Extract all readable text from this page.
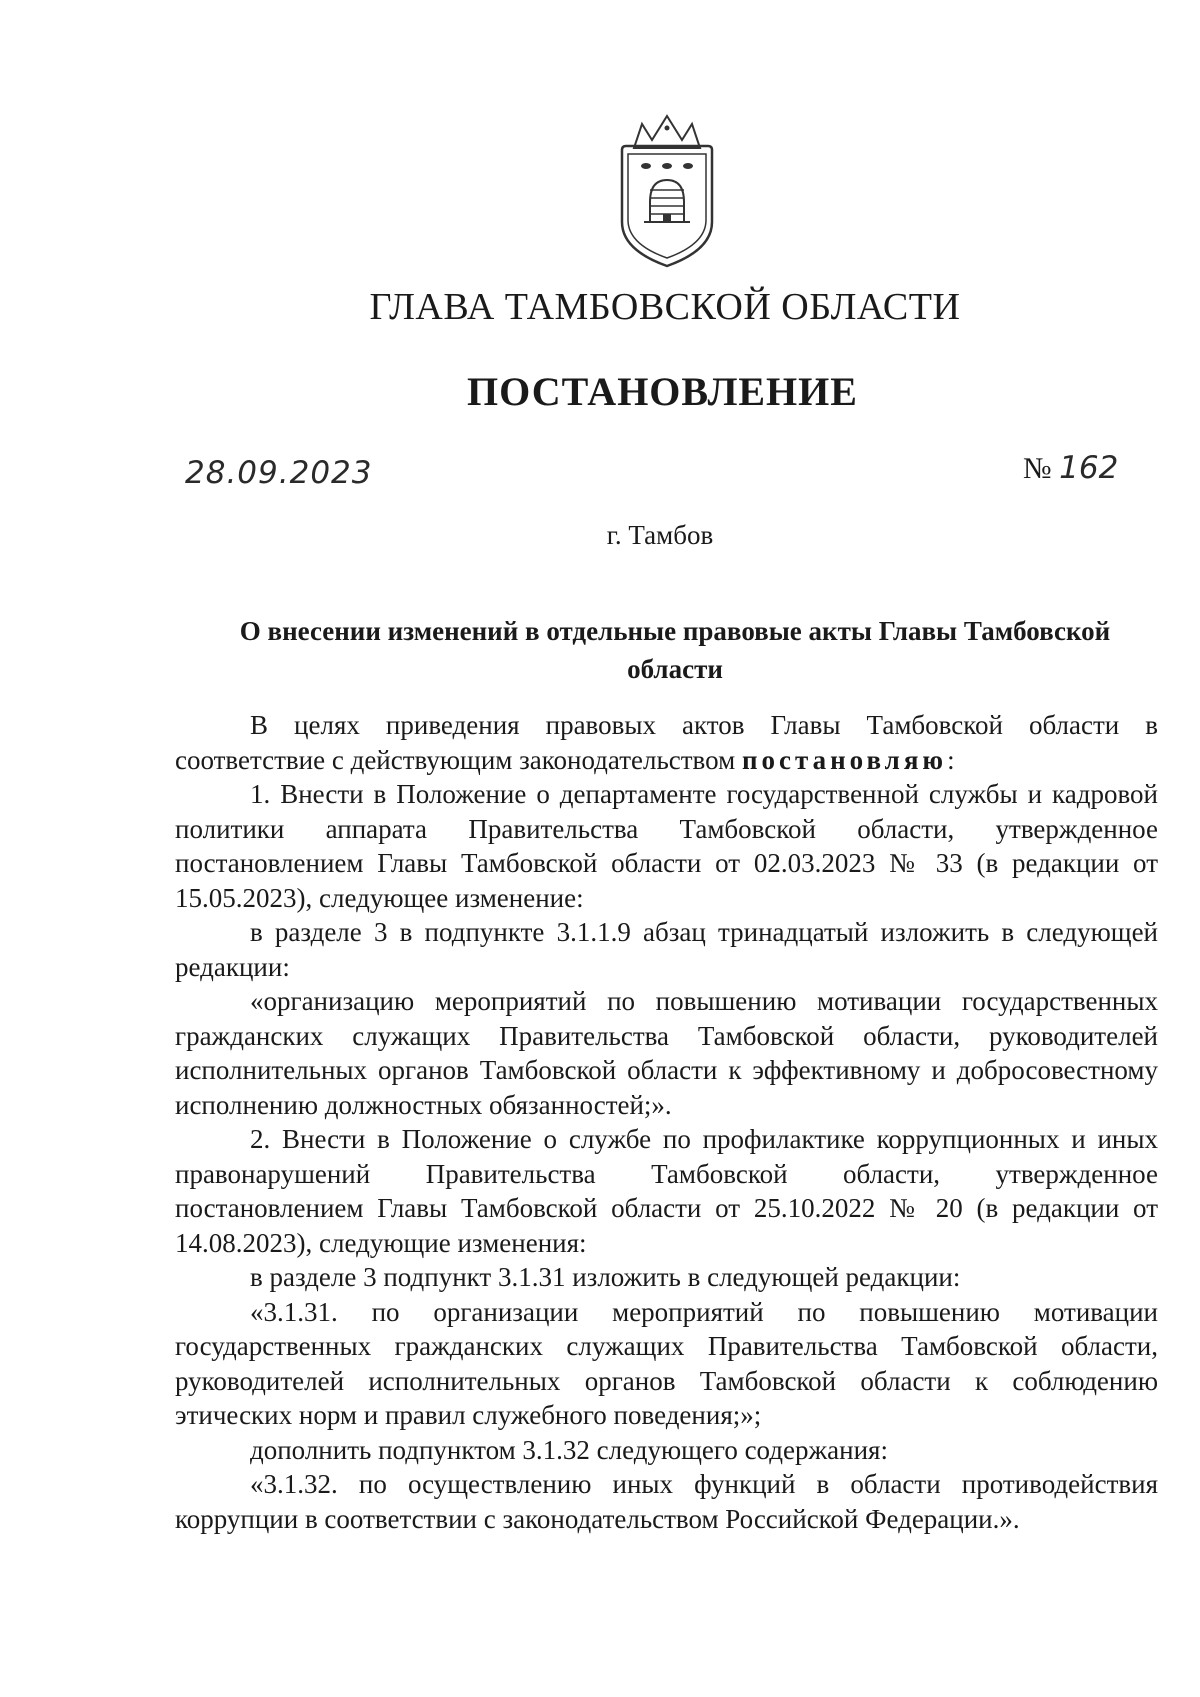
ГЛАВА ТАМБОВСКОЙ ОБЛАСТИ
ПОСТАНОВЛЕНИЕ
28.09.2023	№ 162
г. Тамбов
О внесении изменений в отдельные правовые акты Главы Тамбовской области

В целях приведения правовых актов Главы Тамбовской области в соответствие с действующим законодательством постановляю:

1. Внести в Положение о департаменте государственной службы и кадровой политики аппарата Правительства Тамбовской области, утвержденное постановлением Главы Тамбовской области от 02.03.2023 № 33 (в редакции от 15.05.2023), следующее изменение:

в разделе 3 в подпункте 3.1.1.9 абзац тринадцатый изложить в следующей редакции:

«организацию мероприятий по повышению мотивации государственных гражданских служащих Правительства Тамбовской области, руководителей исполнительных органов Тамбовской области к эффективному и добросовестному исполнению должностных обязанностей;».

2. Внести в Положение о службе по профилактике коррупционных и иных правонарушений Правительства Тамбовской области, утвержденное постановлением Главы Тамбовской области от 25.10.2022 № 20 (в редакции от 14.08.2023), следующие изменения:

в разделе 3 подпункт 3.1.31 изложить в следующей редакции:

«3.1.31. по организации мероприятий по повышению мотивации государственных гражданских служащих Правительства Тамбовской области, руководителей исполнительных органов Тамбовской области к соблюдению этических норм и правил служебного поведения;»;

дополнить подпунктом 3.1.32 следующего содержания:

«3.1.32. по осуществлению иных функций в области противодействия коррупции в соответствии с законодательством Российской Федерации.».
